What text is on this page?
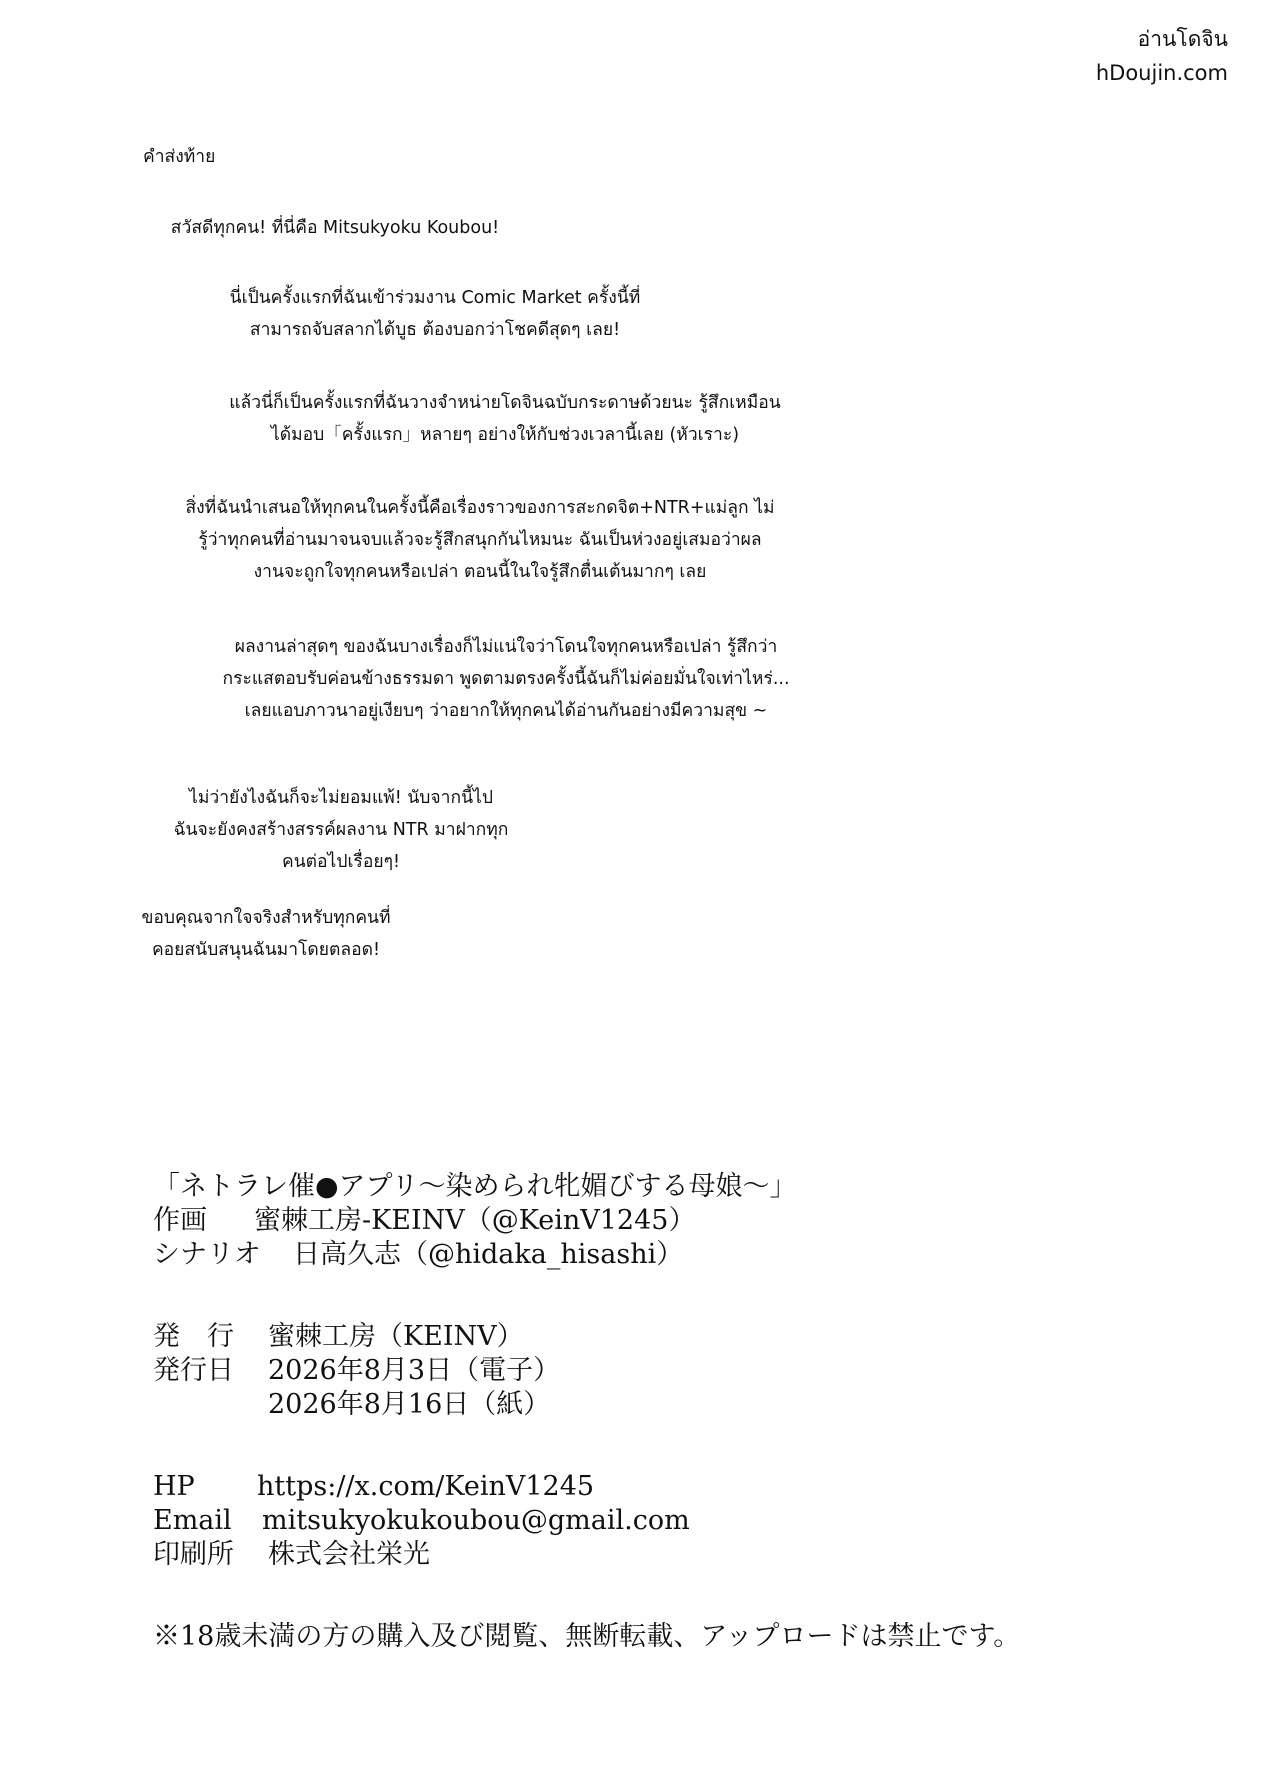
อ่านโดจิน
hDoujin.com
คำส่งท้าย
สวัสดีทุกคน! ที่นี่คือ Mitsukyoku Koubou!
นี่เป็นครั้งแรกที่ฉันเข้าร่วมงาน Comic Market ครั้งนี้ที่
สามารถจับสลากได้บูธ ต้องบอกว่าโชคดีสุดๆ เลย!
แล้วนี่ก็เป็นครั้งแรกที่ฉันวางจำหน่ายโดจินฉบับกระดาษด้วยนะ รู้สึกเหมือน
ได้มอบ「ครั้งแรก」หลายๆ อย่างให้กับช่วงเวลานี้เลย (หัวเราะ)
สิ่งที่ฉันนำเสนอให้ทุกคนในครั้งนี้คือเรื่องราวของการสะกดจิต+NTR+แม่ลูก ไม่
รู้ว่าทุกคนที่อ่านมาจนจบแล้วจะรู้สึกสนุกกันไหมนะ ฉันเป็นห่วงอยู่เสมอว่าผล
งานจะถูกใจทุกคนหรือเปล่า ตอนนี้ในใจรู้สึกตื่นเต้นมากๆ เลย
ผลงานล่าสุดๆ ของฉันบางเรื่องก็ไม่แน่ใจว่าโดนใจทุกคนหรือเปล่า รู้สึกว่า
กระแสตอบรับค่อนข้างธรรมดา พูดตามตรงครั้งนี้ฉันก็ไม่ค่อยมั่นใจเท่าไหร่...
เลยแอบภาวนาอยู่เงียบๆ ว่าอยากให้ทุกคนได้อ่านกันอย่างมีความสุข ~
ไม่ว่ายังไงฉันก็จะไม่ยอมแพ้! นับจากนี้ไป
ฉันจะยังคงสร้างสรรค์ผลงาน NTR มาฝากทุก
คนต่อไปเรื่อยๆ!
ขอบคุณจากใจจริงสำหรับทุกคนที่
คอยสนับสนุนฉันมาโดยตลอด!
「ネトラレ催●アプリ〜染められ牝媚びする母娘〜」
作画 蜜棘工房-KEINV（@KeinV1245）
シナリオ 日高久志（@hidaka_hisashi）
発　行 蜜棘工房（KEINV）
発行日 2026年8月3日（電子）
2026年8月16日（紙）
HP https://x.com/KeinV1245
Email mitsukyokukoubou@gmail.com
印刷所 株式会社栄光
※18歳未満の方の購入及び閲覧、無断転載、アップロードは禁止です。
